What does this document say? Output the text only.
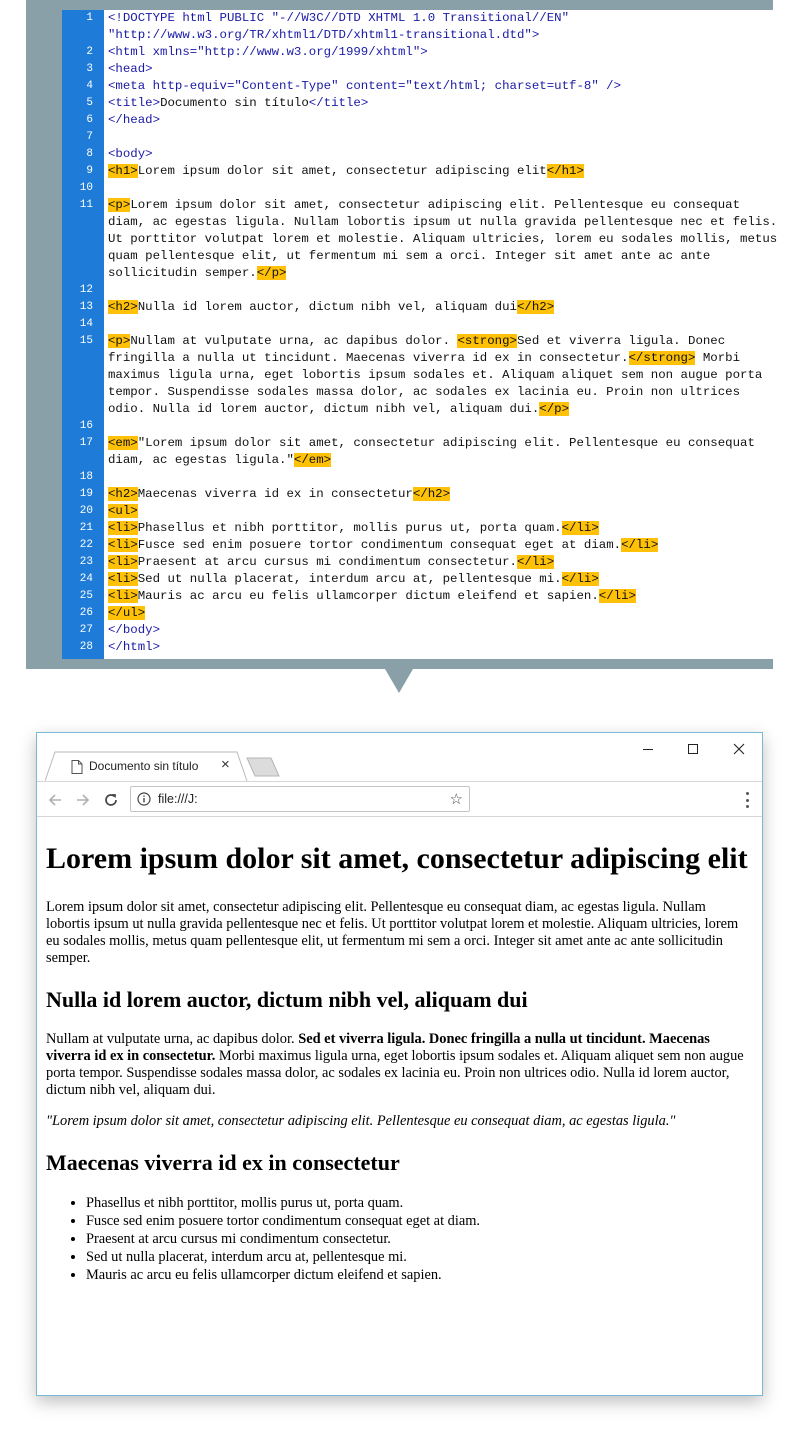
1	<!DOCTYPE html PUBLIC "-//W3C//DTD XHTML 1.0 Transitional//EN" "http://www.w3.org/TR/xhtml1/DTD/xhtml1-transitional.dtd">
2	<html xmlns="http://www.w3.org/1999/xhtml">
3	<head>
4	<meta http-equiv="Content-Type" content="text/html; charset=utf-8" />
5	<title>Documento sin título</title>
6	</head>
7

8	<body>
9	<h1>Lorem ipsum dolor sit amet, consectetur adipiscing elit</h1>
10

11	<p>Lorem ipsum dolor sit amet, consectetur adipiscing elit. Pellentesque eu consequat diam, ac egestas ligula. Nullam lobortis ipsum ut nulla gravida pellentesque nec et felis. Ut porttitor volutpat lorem et molestie. Aliquam ultricies, lorem eu sodales mollis, metus quam pellentesque elit, ut fermentum mi sem a orci. Integer sit amet ante ac ante sollicitudin semper.</p>
12

13	<h2>Nulla id lorem auctor, dictum nibh vel, aliquam dui</h2>
14

15	<p>Nullam at vulputate urna, ac dapibus dolor. <strong>Sed et viverra ligula. Donec fringilla a nulla ut tincidunt. Maecenas viverra id ex in consectetur.</strong> Morbi maximus ligula urna, eget lobortis ipsum sodales et. Aliquam aliquet sem non augue porta tempor. Suspendisse sodales massa dolor, ac sodales ex lacinia eu. Proin non ultrices odio. Nulla id lorem auctor, dictum nibh vel, aliquam dui.</p>
16

17	<em>"Lorem ipsum dolor sit amet, consectetur adipiscing elit. Pellentesque eu consequat diam, ac egestas ligula."</em>
18

19	<h2>Maecenas viverra id ex in consectetur</h2>
20	<ul>
21	<li>Phasellus et nibh porttitor, mollis purus ut, porta quam.</li>
22	<li>Fusce sed enim posuere tortor condimentum consequat eget at diam.</li>
23	<li>Praesent at arcu cursus mi condimentum consectetur.</li>
24	<li>Sed ut nulla placerat, interdum arcu at, pellentesque mi.</li>
25	<li>Mauris ac arcu eu felis ullamcorper dictum eleifend et sapien.</li>
26	</ul>
27	</body>
28	</html>
Documento sin título ×
file:///J:	☆
Lorem ipsum dolor sit amet, consectetur adipiscing elit

Lorem ipsum dolor sit amet, consectetur adipiscing elit. Pellentesque eu consequat diam, ac egestas ligula. Nullam lobortis ipsum ut nulla gravida pellentesque nec et felis. Ut porttitor volutpat lorem et molestie. Aliquam ultricies, lorem eu sodales mollis, metus quam pellentesque elit, ut fermentum mi sem a orci. Integer sit amet ante ac ante sollicitudin semper.

Nulla id lorem auctor, dictum nibh vel, aliquam dui

Nullam at vulputate urna, ac dapibus dolor. Sed et viverra ligula. Donec fringilla a nulla ut tincidunt. Maecenas viverra id ex in consectetur. Morbi maximus ligula urna, eget lobortis ipsum sodales et. Aliquam aliquet sem non augue porta tempor. Suspendisse sodales massa dolor, ac sodales ex lacinia eu. Proin non ultrices odio. Nulla id lorem auctor, dictum nibh vel, aliquam dui.

"Lorem ipsum dolor sit amet, consectetur adipiscing elit. Pellentesque eu consequat diam, ac egestas ligula."

Maecenas viverra id ex in consectetur
• Phasellus et nibh porttitor, mollis purus ut, porta quam.
• Fusce sed enim posuere tortor condimentum consequat eget at diam.
• Praesent at arcu cursus mi condimentum consectetur.
• Sed ut nulla placerat, interdum arcu at, pellentesque mi.
• Mauris ac arcu eu felis ullamcorper dictum eleifend et sapien.
